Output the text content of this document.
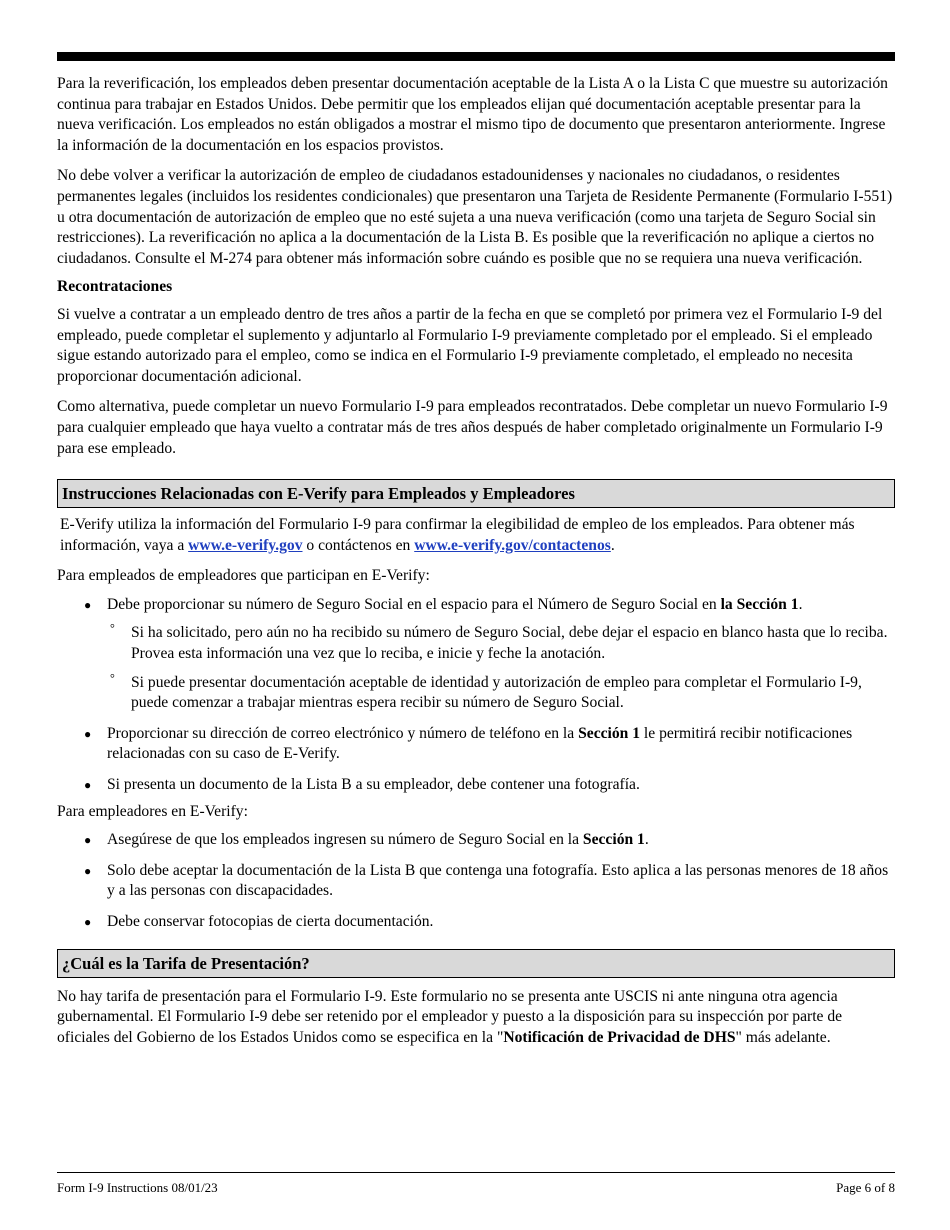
Para la reverificación, los empleados deben presentar documentación aceptable de la Lista A o la Lista C que muestre su autorización continua para trabajar en Estados Unidos. Debe permitir que los empleados elijan qué documentación aceptable presentar para la nueva verificación. Los empleados no están obligados a mostrar el mismo tipo de documento que presentaron anteriormente. Ingrese la información de la documentación en los espacios provistos.

No debe volver a verificar la autorización de empleo de ciudadanos estadounidenses y nacionales no ciudadanos, o residentes permanentes legales (incluidos los residentes condicionales) que presentaron una Tarjeta de Residente Permanente (Formulario I-551) u otra documentación de autorización de empleo que no esté sujeta a una nueva verificación (como una tarjeta de Seguro Social sin restricciones). La reverificación no aplica a la documentación de la Lista B. Es posible que la reverificación no aplique a ciertos no ciudadanos. Consulte el M-274 para obtener más información sobre cuándo es posible que no se requiera una nueva verificación.

Recontrataciones

Si vuelve a contratar a un empleado dentro de tres años a partir de la fecha en que se completó por primera vez el Formulario I-9 del empleado, puede completar el suplemento y adjuntarlo al Formulario I-9 previamente completado por el empleado. Si el empleado sigue estando autorizado para el empleo, como se indica en el Formulario I-9 previamente completado, el empleado no necesita proporcionar documentación adicional.

Como alternativa, puede completar un nuevo Formulario I-9 para empleados recontratados. Debe completar un nuevo Formulario I-9 para cualquier empleado que haya vuelto a contratar más de tres años después de haber completado originalmente un Formulario I-9 para ese empleado.

Instrucciones Relacionadas con E-Verify para Empleados y Empleadores
E-Verify utiliza la información del Formulario I-9 para confirmar la elegibilidad de empleo de los empleados. Para obtener más información, vaya a www.e-verify.gov o contáctenos en www.e-verify.gov/contactenos.

Para empleados de empleadores que participan en E-Verify:

● Debe proporcionar su número de Seguro Social en el espacio para el Número de Seguro Social en la Sección 1.
° Si ha solicitado, pero aún no ha recibido su número de Seguro Social, debe dejar el espacio en blanco hasta que lo reciba. Provea esta información una vez que lo reciba, e inicie y feche la anotación.
° Si puede presentar documentación aceptable de identidad y autorización de empleo para completar el Formulario I-9, puede comenzar a trabajar mientras espera recibir su número de Seguro Social.
● Proporcionar su dirección de correo electrónico y número de teléfono en la Sección 1 le permitirá recibir notificaciones relacionadas con su caso de E-Verify.
● Si presenta un documento de la Lista B a su empleador, debe contener una fotografía.

Para empleadores en E-Verify:

● Asegúrese de que los empleados ingresen su número de Seguro Social en la Sección 1.
● Solo debe aceptar la documentación de la Lista B que contenga una fotografía. Esto aplica a las personas menores de 18 años y a las personas con discapacidades.
● Debe conservar fotocopias de cierta documentación.
¿Cuál es la Tarifa de Presentación?

No hay tarifa de presentación para el Formulario I-9. Este formulario no se presenta ante USCIS ni ante ninguna otra agencia gubernamental. El Formulario I-9 debe ser retenido por el empleador y puesto a la disposición para su inspección por parte de oficiales del Gobierno de los Estados Unidos como se especifica en la "Notificación de Privacidad de DHS" más adelante.

Form I-9 Instructions 08/01/23	Page 6 of 8
